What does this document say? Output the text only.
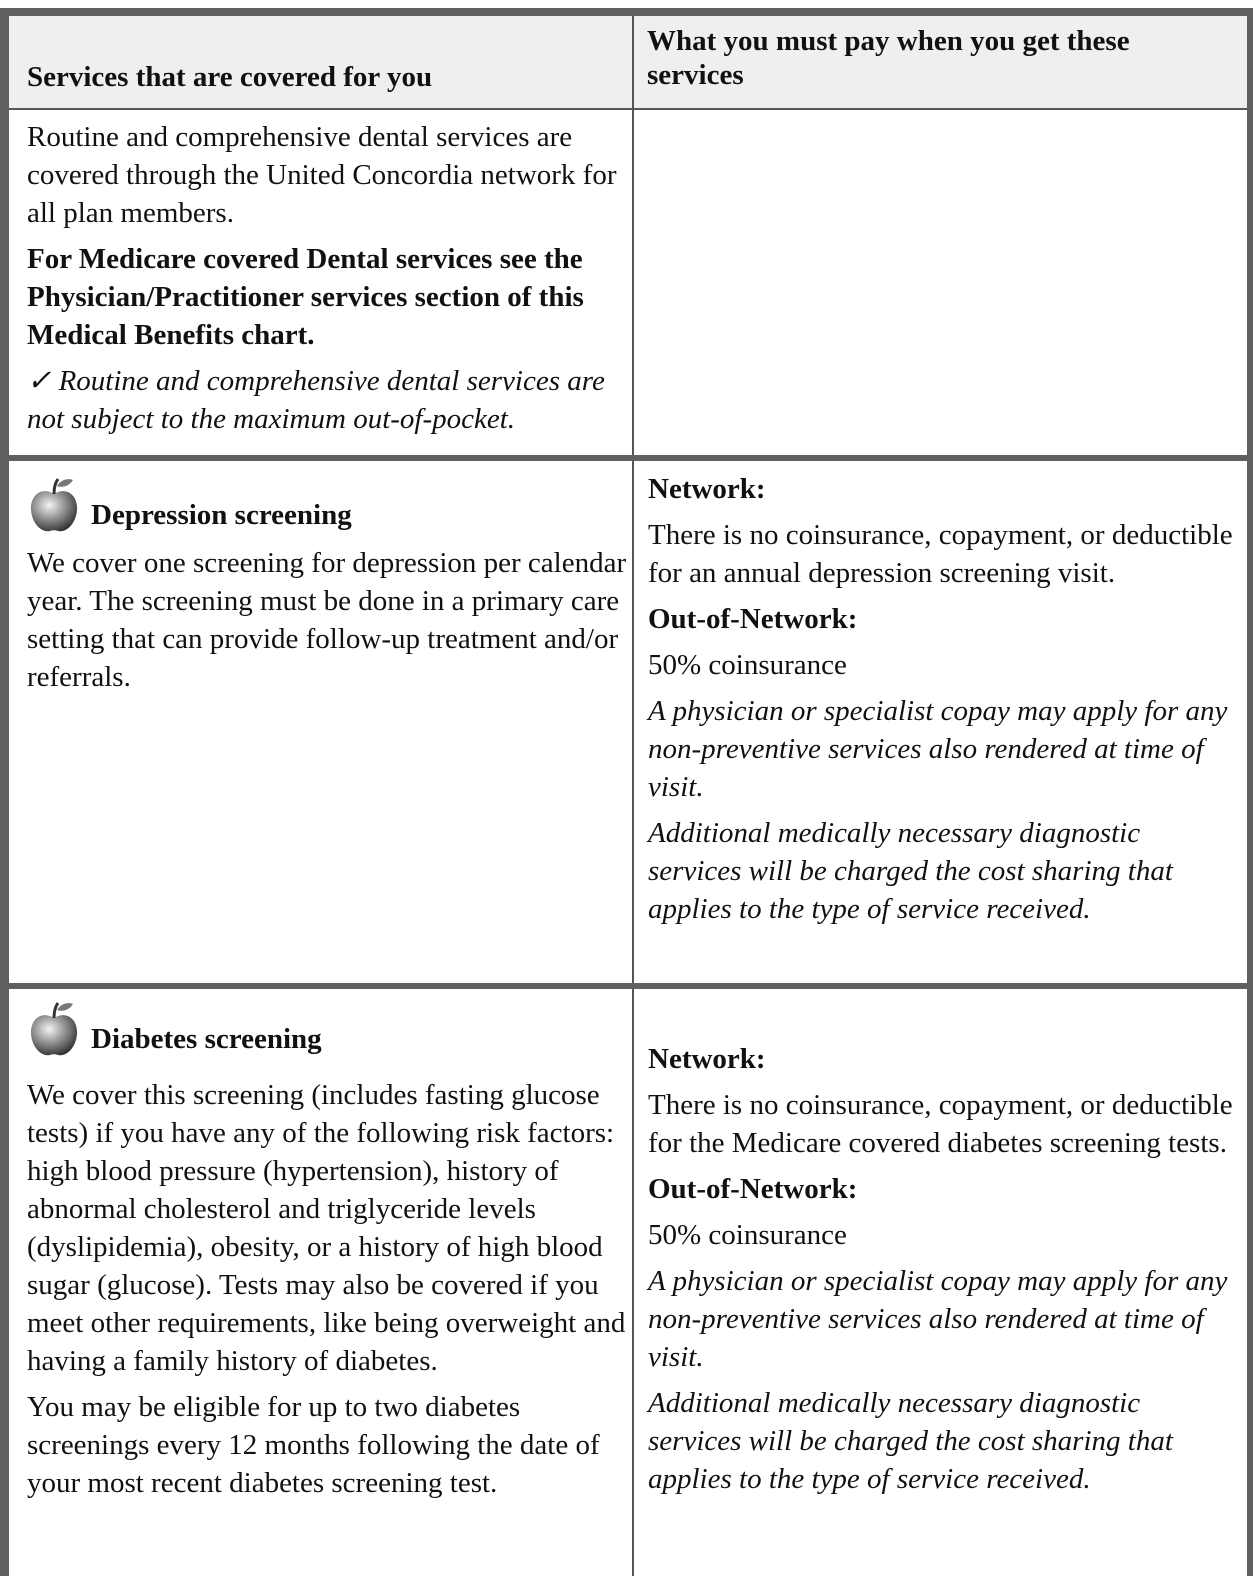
Services that are covered for you
What you must pay when you get these services

Routine and comprehensive dental services are covered through the United Concordia network for all plan members.

For Medicare covered Dental services see the Physician/Practitioner services section of this Medical Benefits chart.

✓ Routine and comprehensive dental services are not subject to the maximum out-of-pocket.

Depression screening

We cover one screening for depression per calendar year. The screening must be done in a primary care setting that can provide follow-up treatment and/or referrals.

Network:

There is no coinsurance, copayment, or deductible for an annual depression screening visit.

Out-of-Network:

50% coinsurance

A physician or specialist copay may apply for any non-preventive services also rendered at time of visit.

Additional medically necessary diagnostic services will be charged the cost sharing that applies to the type of service received.

Diabetes screening

We cover this screening (includes fasting glucose tests) if you have any of the following risk factors: high blood pressure (hypertension), history of abnormal cholesterol and triglyceride levels (dyslipidemia), obesity, or a history of high blood sugar (glucose). Tests may also be covered if you meet other requirements, like being overweight and having a family history of diabetes.

You may be eligible for up to two diabetes screenings every 12 months following the date of your most recent diabetes screening test.

Network:

There is no coinsurance, copayment, or deductible for the Medicare covered diabetes screening tests.

Out-of-Network:

50% coinsurance

A physician or specialist copay may apply for any non-preventive services also rendered at time of visit.

Additional medically necessary diagnostic services will be charged the cost sharing that applies to the type of service received.
